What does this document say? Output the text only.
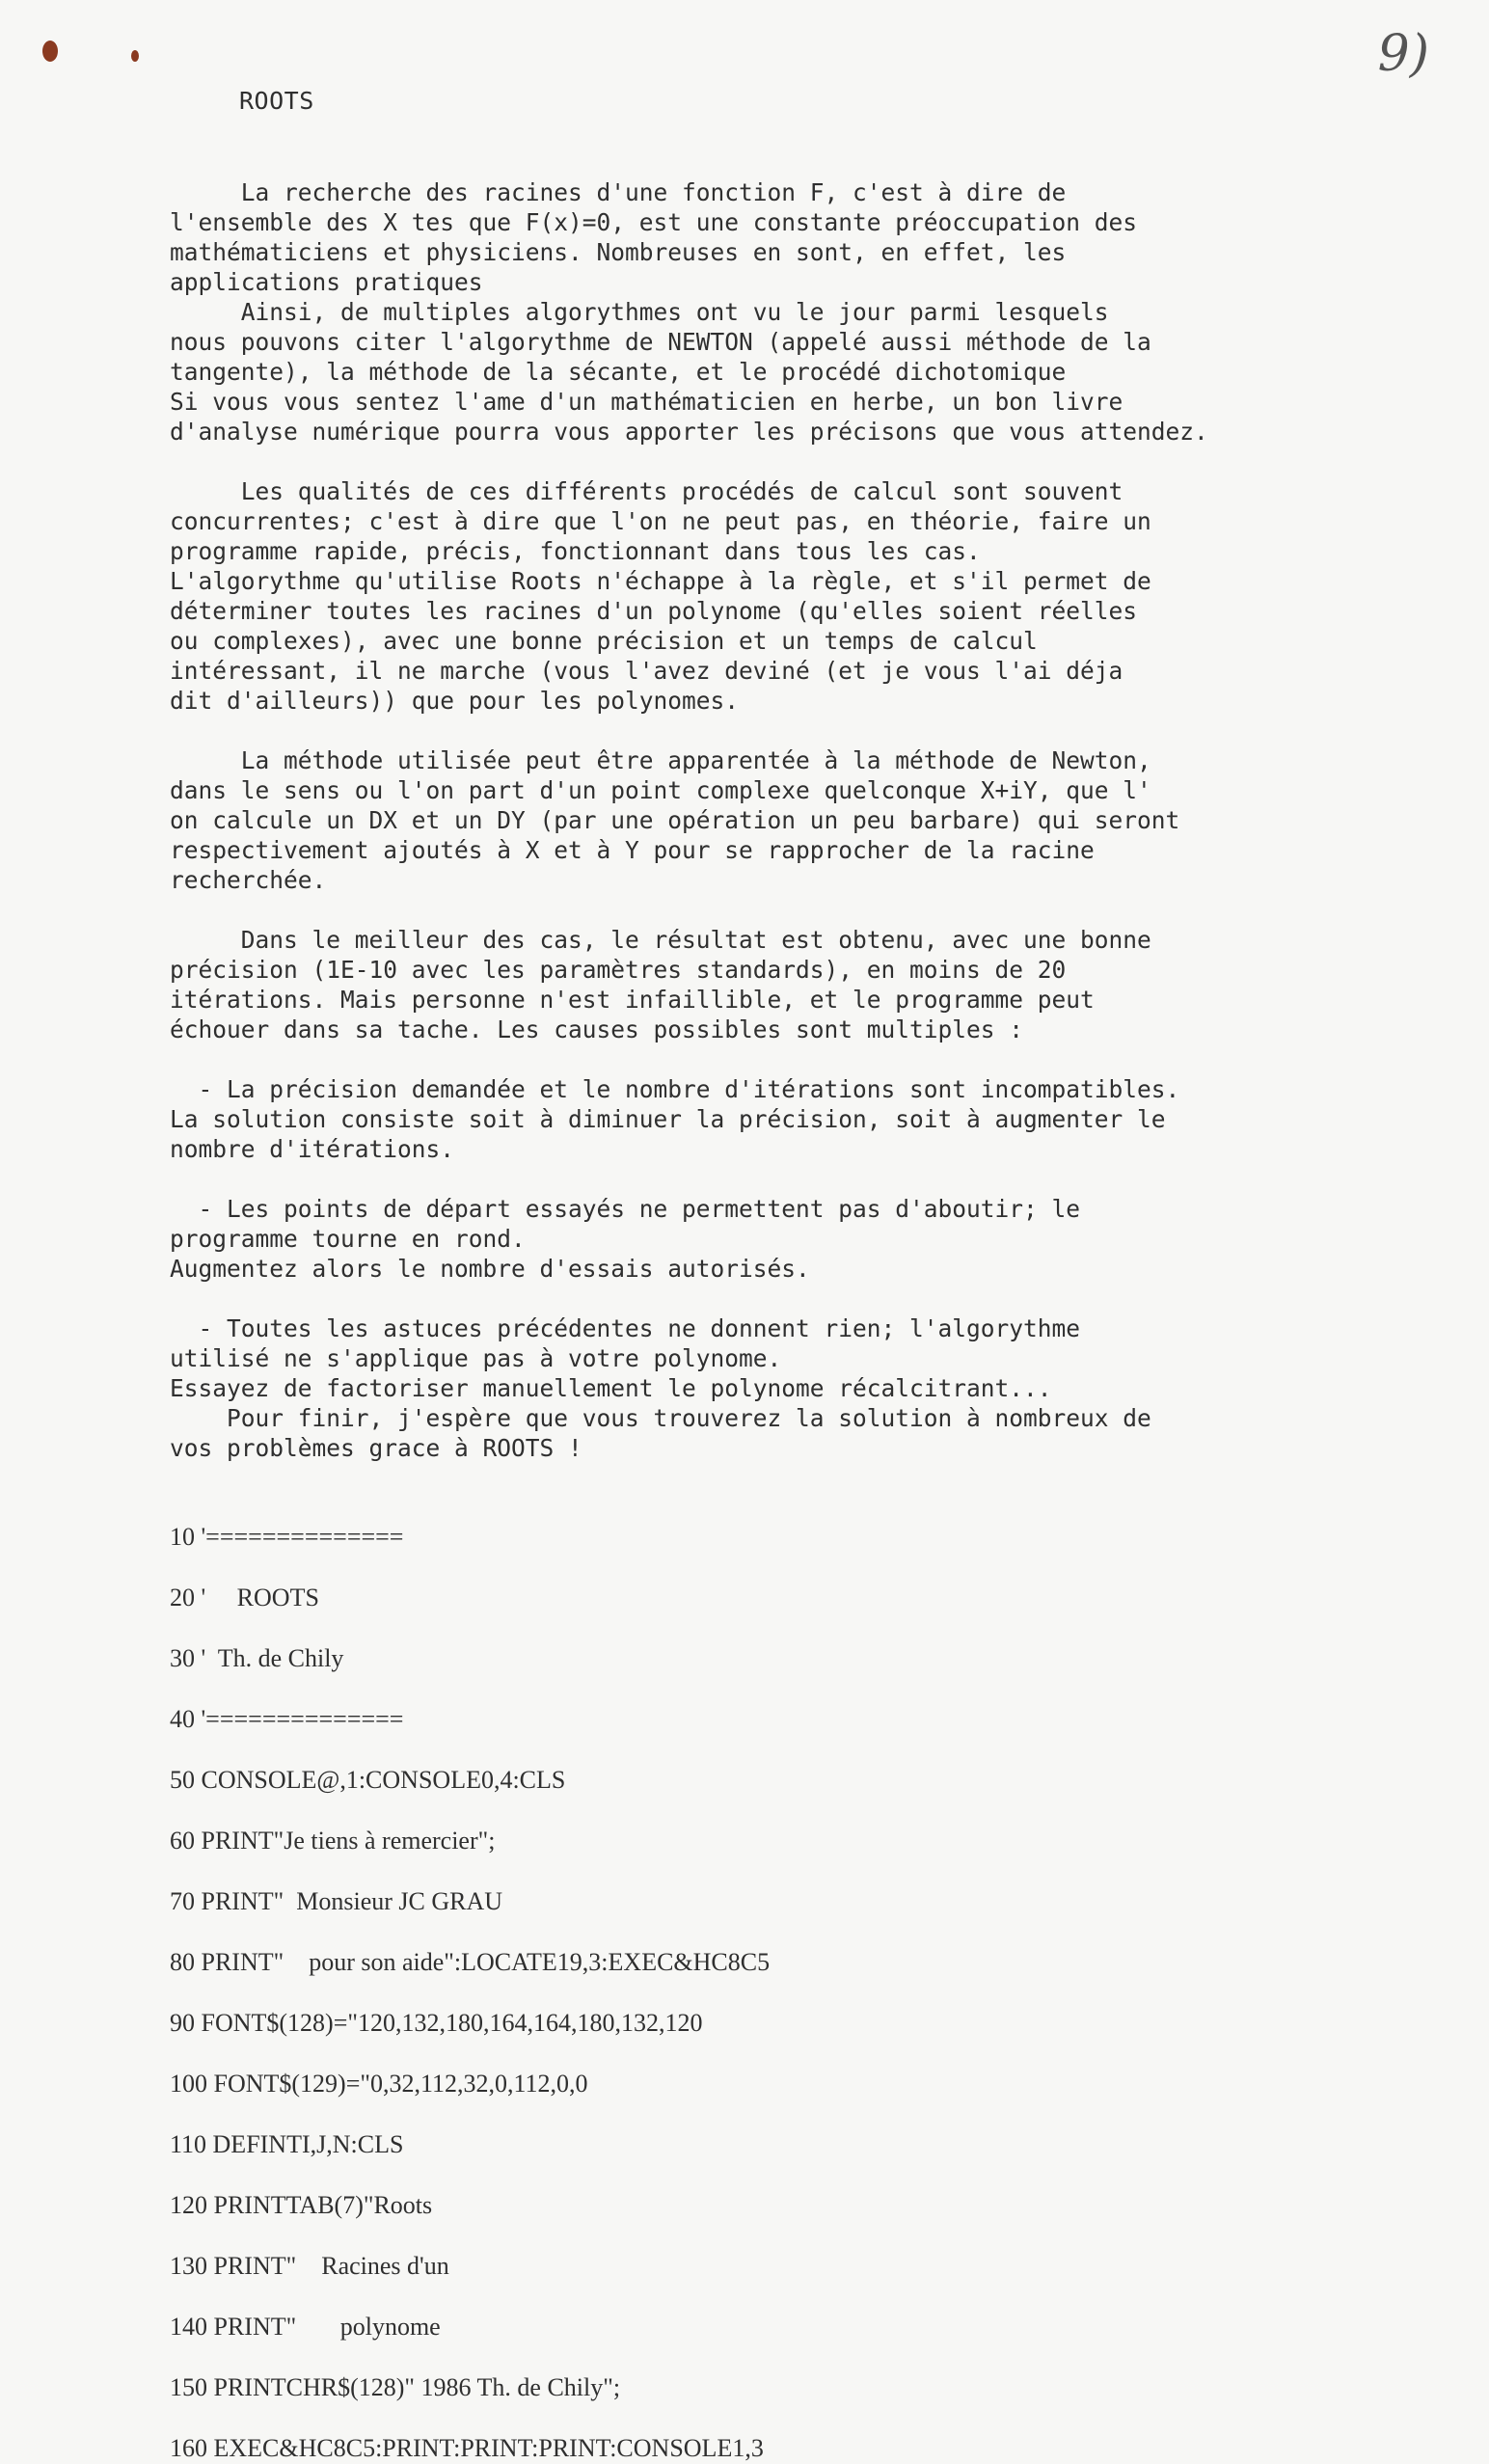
9)
ROOTS
La recherche des racines d'une fonction F, c'est à dire de
l'ensemble des X tes que F(x)=0, est une constante préoccupation des
mathématiciens et physiciens. Nombreuses en sont, en effet, les
applications pratiques
Ainsi, de multiples algorythmes ont vu le jour parmi lesquels
nous pouvons citer l'algorythme de NEWTON (appelé aussi méthode de la
tangente), la méthode de la sécante, et le procédé dichotomique
Si vous vous sentez l'ame d'un mathématicien en herbe, un bon livre
d'analyse numérique pourra vous apporter les précisons que vous attendez.
Les qualités de ces différents procédés de calcul sont souvent
concurrentes; c'est à dire que l'on ne peut pas, en théorie, faire un
programme rapide, précis, fonctionnant dans tous les cas.
L'algorythme qu'utilise Roots n'échappe à la règle, et s'il permet de
déterminer toutes les racines d'un polynome (qu'elles soient réelles
ou complexes), avec une bonne précision et un temps de calcul
intéressant, il ne marche (vous l'avez deviné (et je vous l'ai déja
dit d'ailleurs)) que pour les polynomes.
La méthode utilisée peut être apparentée à la méthode de Newton,
dans le sens ou l'on part d'un point complexe quelconque X+iY, que l'
on calcule un DX et un DY (par une opération un peu barbare) qui seront
respectivement ajoutés à X et à Y pour se rapprocher de la racine
recherchée.
Dans le meilleur des cas, le résultat est obtenu, avec une bonne
précision (1E-10 avec les paramètres standards), en moins de 20
itérations. Mais personne n'est infaillible, et le programme peut
échouer dans sa tache. Les causes possibles sont multiples :
- La précision demandée et le nombre d'itérations sont incompatibles.
La solution consiste soit à diminuer la précision, soit à augmenter le
nombre d'itérations.
- Les points de départ essayés ne permettent pas d'aboutir; le
programme tourne en rond.
Augmentez alors le nombre d'essais autorisés.
- Toutes les astuces précédentes ne donnent rien; l'algorythme
utilisé ne s'applique pas à votre polynome.
Essayez de factoriser manuellement le polynome récalcitrant...
Pour finir, j'espère que vous trouverez la solution à nombreux de
vos problèmes grace à ROOTS !
10 '==============

20 '     ROOTS

30 '  Th. de Chily

40 '==============

50 CONSOLE@,1:CONSOLE0,4:CLS

60 PRINT"Je tiens à remercier";

70 PRINT"  Monsieur JC GRAU

80 PRINT"    pour son aide":LOCATE19,3:EXEC&HC8C5

90 FONT$(128)="120,132,180,164,164,180,132,120

100 FONT$(129)="0,32,112,32,0,112,0,0

110 DEFINTI,J,N:CLS

120 PRINTTAB(7)"Roots

130 PRINT"    Racines d'un

140 PRINT"       polynome

150 PRINTCHR$(128)" 1986 Th. de Chily";

160 EXEC&HC8C5:PRINT:PRINT:PRINT:CONSOLE1,3
